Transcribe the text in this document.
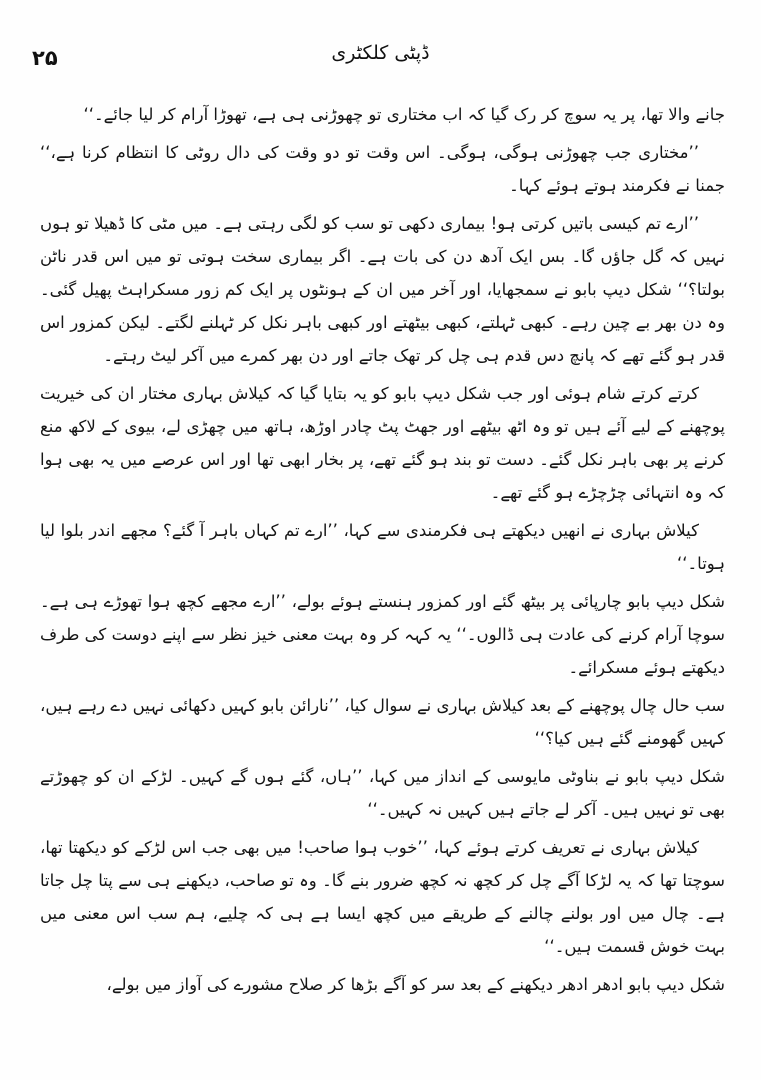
۲۵	ڈپٹی کلکٹری

جانے والا تھا، پر یہ سوچ کر رک گیا کہ اب مختاری تو چھوڑنی ہی ہے، تھوڑا آرام کر لیا جائے۔‘‘

’’مختاری جب چھوڑنی ہوگی، ہوگی۔ اس وقت تو دو وقت کی دال روٹی کا انتظام کرنا ہے،‘‘ جمنا نے فکرمند ہوتے ہوئے کہا۔

’’ارے تم کیسی باتیں کرتی ہو! بیماری دکھی تو سب کو لگی رہتی ہے۔ میں مٹی کا ڈھیلا تو ہوں نہیں کہ گل جاؤں گا۔ بس ایک آدھ دن کی بات ہے۔ اگر بیماری سخت ہوتی تو میں اس قدر ناٹن بولتا؟‘‘ شکل دیپ بابو نے سمجھایا، اور آخر میں ان کے ہونٹوں پر ایک کم زور مسکراہٹ پھیل گئی۔ وہ دن بھر بے چین رہے۔ کبھی ٹہلتے، کبھی بیٹھتے اور کبھی باہر نکل کر ٹہلنے لگتے۔ لیکن کمزور اس قدر ہو گئے تھے کہ پانچ دس قدم ہی چل کر تھک جاتے اور دن بھر کمرے میں آکر لیٹ رہتے۔

کرتے کرتے شام ہوئی اور جب شکل دیپ بابو کو یہ بتایا گیا کہ کیلاش بہاری مختار ان کی خیریت پوچھنے کے لیے آئے ہیں تو وہ اٹھ بیٹھے اور جھٹ پٹ چادر اوڑھ، ہاتھ میں چھڑی لے، بیوی کے لاکھ منع کرنے پر بھی باہر نکل گئے۔ دست تو بند ہو گئے تھے، پر بخار ابھی تھا اور اس عرصے میں یہ بھی ہوا کہ وہ انتہائی چڑچڑے ہو گئے تھے۔

کیلاش بہاری نے انھیں دیکھتے ہی فکرمندی سے کہا، ’’ارے تم کہاں باہر آ گئے؟ مجھے اندر بلوا لیا ہوتا۔‘‘

شکل دیپ بابو چارپائی پر بیٹھ گئے اور کمزور ہنستے ہوئے بولے، ’’ارے مجھے کچھ ہوا تھوڑے ہی ہے۔ سوچا آرام کرنے کی عادت ہی ڈالوں۔‘‘ یہ کہہ کر وہ بہت معنی خیز نظر سے اپنے دوست کی طرف دیکھتے ہوئے مسکرائے۔

سب حال چال پوچھنے کے بعد کیلاش بہاری نے سوال کیا، ’’نارائن بابو کہیں دکھائی نہیں دے رہے ہیں، کہیں گھومنے گئے ہیں کیا؟‘‘

شکل دیپ بابو نے بناوٹی مایوسی کے انداز میں کہا، ’’ہاں، گئے ہوں گے کہیں۔ لڑکے ان کو چھوڑتے بھی تو نہیں ہیں۔ آکر لے جاتے ہیں کہیں نہ کہیں۔‘‘

کیلاش بہاری نے تعریف کرتے ہوئے کہا، ’’خوب ہوا صاحب! میں بھی جب اس لڑکے کو دیکھتا تھا، سوچتا تھا کہ یہ لڑکا آگے چل کر کچھ نہ کچھ ضرور بنے گا۔ وہ تو صاحب، دیکھنے ہی سے پتا چل جاتا ہے۔ چال میں اور بولنے چالنے کے طریقے میں کچھ ایسا ہے ہی کہ چلیے، ہم سب اس معنی میں بہت خوش قسمت ہیں۔‘‘

شکل دیپ بابو ادھر ادھر دیکھنے کے بعد سر کو آگے بڑھا کر صلاح مشورے کی آواز میں بولے،
